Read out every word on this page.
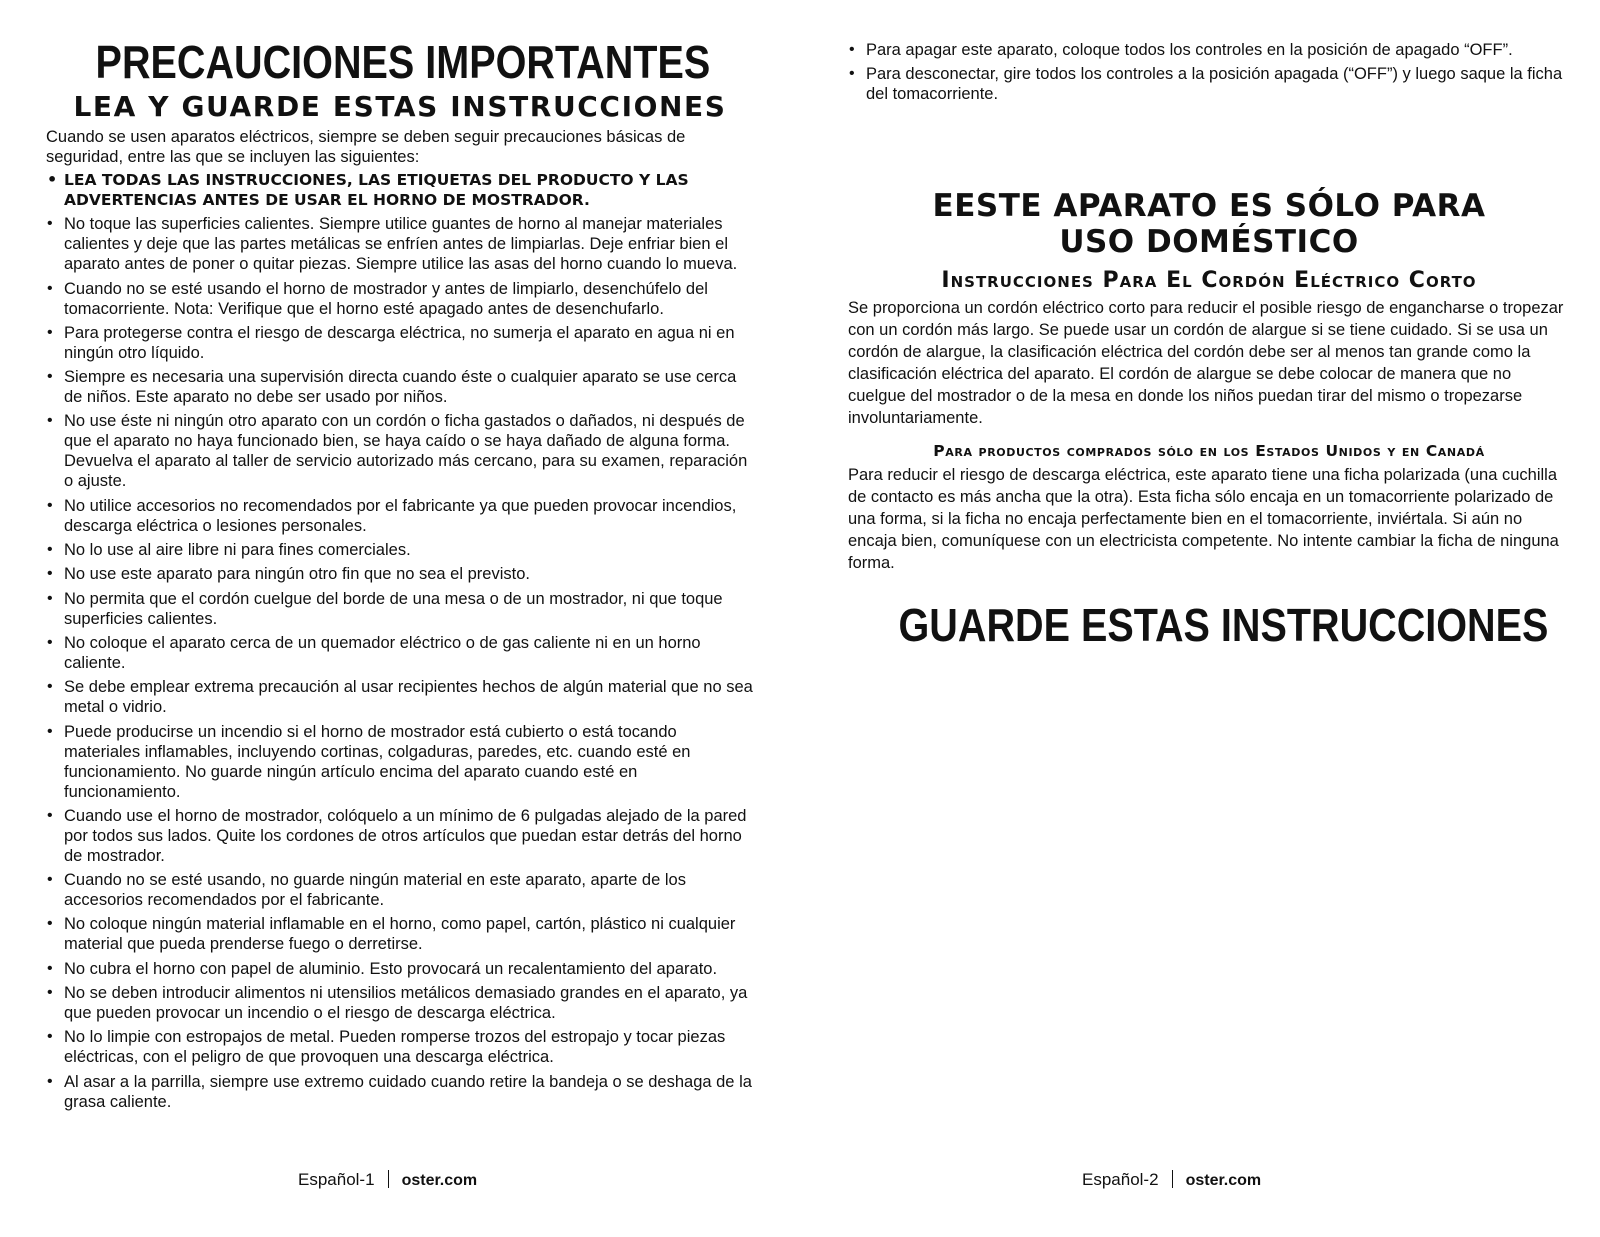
PRECAUCIONES IMPORTANTES
LEA Y GUARDE ESTAS INSTRUCCIONES

Cuando se usen aparatos eléctricos, siempre se deben seguir precauciones básicas de seguridad, entre las que se incluyen las siguientes:

• LEA TODAS LAS INSTRUCCIONES, LAS ETIQUETAS DEL PRODUCTO Y LAS ADVERTENCIAS ANTES DE USAR EL HORNO DE MOSTRADOR.
• No toque las superficies calientes. Siempre utilice guantes de horno al manejar materiales calientes y deje que las partes metálicas se enfríen antes de limpiarlas. Deje enfriar bien el aparato antes de poner o quitar piezas. Siempre utilice las asas del horno cuando lo mueva.
• Cuando no se esté usando el horno de mostrador y antes de limpiarlo, desenchúfelo del tomacorriente. Nota: Verifique que el horno esté apagado antes de desenchufarlo.
• Para protegerse contra el riesgo de descarga eléctrica, no sumerja el aparato en agua ni en ningún otro líquido.
• Siempre es necesaria una supervisión directa cuando éste o cualquier aparato se use cerca de niños. Este aparato no debe ser usado por niños.
• No use éste ni ningún otro aparato con un cordón o ficha gastados o dañados, ni después de que el aparato no haya funcionado bien, se haya caído o se haya dañado de alguna forma. Devuelva el aparato al taller de servicio autorizado más cercano, para su examen, reparación
o ajuste.
• No utilice accesorios no recomendados por el fabricante ya que pueden provocar incendios, descarga eléctrica o lesiones personales.
• No lo use al aire libre ni para fines comerciales.
• No use este aparato para ningún otro fin que no sea el previsto.
• No permita que el cordón cuelgue del borde de una mesa o de un mostrador, ni que toque superficies calientes.
• No coloque el aparato cerca de un quemador eléctrico o de gas caliente ni en un horno caliente.
• Se debe emplear extrema precaución al usar recipientes hechos de algún material que no sea metal o vidrio.
• Puede producirse un incendio si el horno de mostrador está cubierto o está tocando materiales inflamables, incluyendo cortinas, colgaduras, paredes, etc. cuando esté en funcionamiento. No guarde ningún artículo encima del aparato cuando esté en funcionamiento.
• Cuando use el horno de mostrador, colóquelo a un mínimo de 6 pulgadas alejado de la pared por todos sus lados. Quite los cordones de otros artículos que puedan estar detrás del horno de mostrador.
• Cuando no se esté usando, no guarde ningún material en este aparato, aparte de los accesorios recomendados por el fabricante.
• No coloque ningún material inflamable en el horno, como papel, cartón, plástico ni cualquier material que pueda prenderse fuego o derretirse.
• No cubra el horno con papel de aluminio. Esto provocará un recalentamiento del aparato.
• No se deben introducir alimentos ni utensilios metálicos demasiado grandes en el aparato, ya que pueden provocar un incendio o el riesgo de descarga eléctrica.
• No lo limpie con estropajos de metal. Pueden romperse trozos del estropajo y tocar piezas eléctricas, con el peligro de que provoquen una descarga eléctrica.
• Al asar a la parrilla, siempre use extremo cuidado cuando retire la bandeja o se deshaga de la grasa caliente.
Español-1 oster.com
• Para apagar este aparato, coloque todos los controles en la posición de apagado “OFF”.
• Para desconectar, gire todos los controles a la posición apagada (“OFF”) y luego saque la ficha del tomacorriente.
EESTE APARATO ES SÓLO PARA
USO DOMÉSTICO
Instrucciones Para El Cordón Eléctrico Corto

Se proporciona un cordón eléctrico corto para reducir el posible riesgo de engancharse o tropezar con un cordón más largo. Se puede usar un cordón de alargue si se tiene cuidado. Si se usa un cordón de alargue, la clasificación eléctrica del cordón debe ser al menos tan grande como la clasificación eléctrica del aparato. El cordón de alargue se debe colocar de manera que no cuelgue del mostrador o de la mesa en donde los niños puedan tirar del mismo o tropezarse involuntariamente.

Para productos comprados sólo en los Estados Unidos y en Canadá

Para reducir el riesgo de descarga eléctrica, este aparato tiene una ficha polarizada (una cuchilla de contacto es más ancha que la otra). Esta ficha sólo encaja en un tomacorriente polarizado de una forma, si la ficha no encaja perfectamente bien en el tomacorriente, inviértala. Si aún no encaja bien, comuníquese con un electricista competente. No intente cambiar la ficha de ninguna forma.

GUARDE ESTAS INSTRUCCIONES
Español-2 oster.com
